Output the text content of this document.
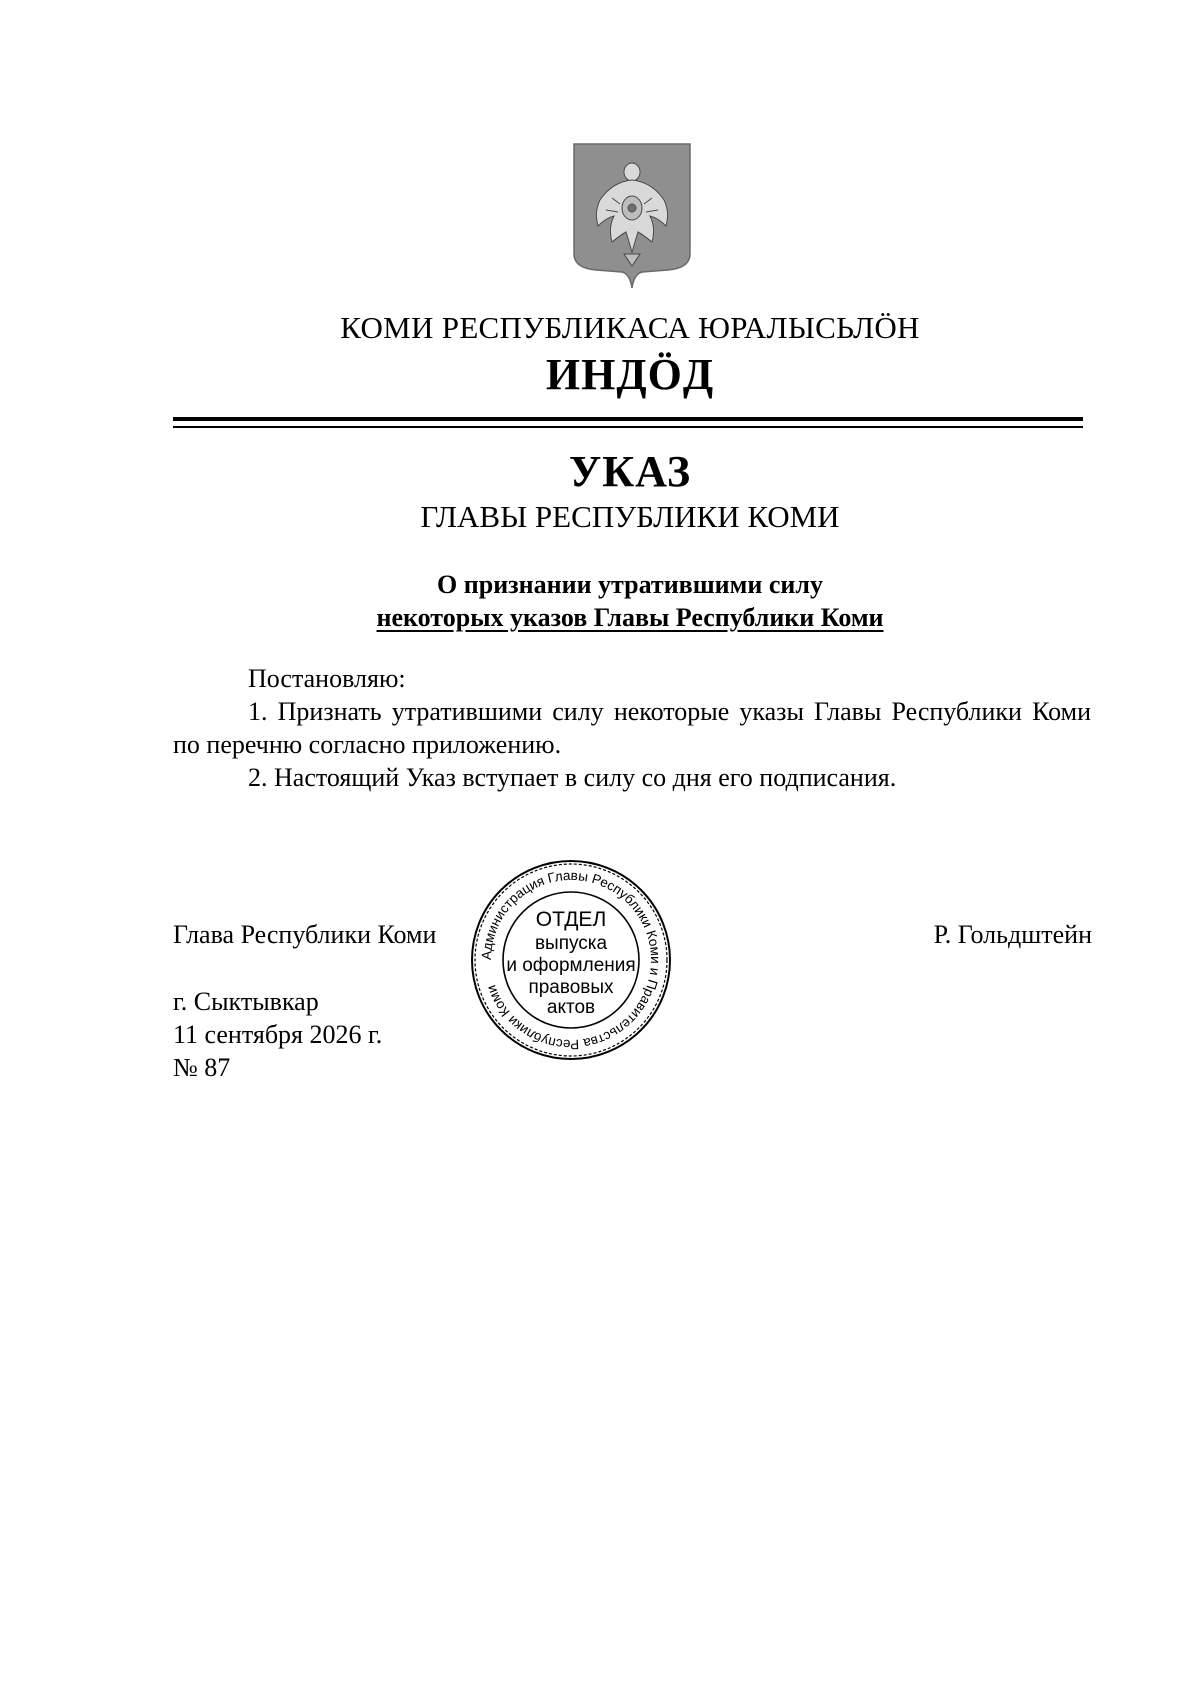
КОМИ РЕСПУБЛИКАСА ЮРАЛЫСЬЛÖН
ИНДÖД
УКАЗ
ГЛАВЫ РЕСПУБЛИКИ КОМИ
О признании утратившими силу
некоторых указов Главы Республики Коми
Постановляю:
1. Признать утратившими силу некоторые указы Главы Республики Коми по перечню согласно приложению.
2. Настоящий Указ вступает в силу со дня его подписания.
Глава Республики Коми	Р. Гольдштейн
г. Сыктывкар
11 сентября 2026 г.
№ 87
Администрация Главы Республики Коми и Правительства Республики Коми
ОТДЕЛ
выпуска
и оформления
правовых
актов
